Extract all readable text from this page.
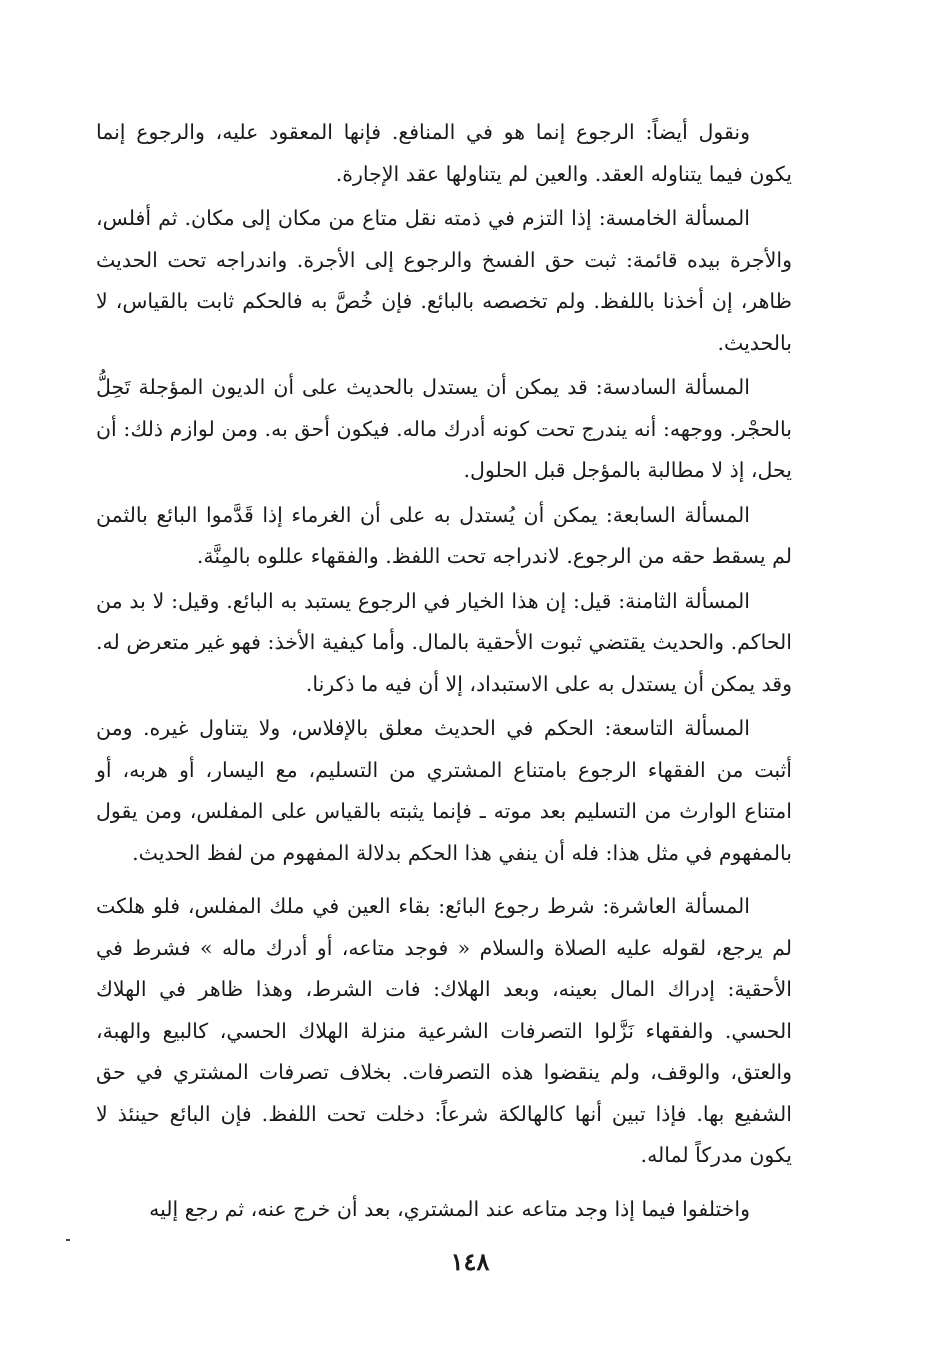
ونقول أيضاً: الرجوع إنما هو في المنافع. فإنها المعقود عليه، والرجوع إنما يكون فيما يتناوله العقد. والعين لم يتناولها عقد الإجارة.

المسألة الخامسة: إذا التزم في ذمته نقل متاع من مكان إلى مكان. ثم أفلس، والأجرة بيده قائمة: ثبت حق الفسخ والرجوع إلى الأجرة. واندراجه تحت الحديث ظاهر، إن أخذنا باللفظ. ولم تخصصه بالبائع. فإن خُصَّ به فالحكم ثابت بالقياس، لا بالحديث.

المسألة السادسة: قد يمكن أن يستدل بالحديث على أن الديون المؤجلة تَحِلُّ بالحجْر. ووجهه: أنه يندرج تحت كونه أدرك ماله. فيكون أحق به. ومن لوازم ذلك: أن يحل، إذ لا مطالبة بالمؤجل قبل الحلول.

المسألة السابعة: يمكن أن يُستدل به على أن الغرماء إذا قَدَّموا البائع بالثمن لم يسقط حقه من الرجوع. لاندراجه تحت اللفظ. والفقهاء عللوه بالمِنَّة.

المسألة الثامنة: قيل: إن هذا الخيار في الرجوع يستبد به البائع. وقيل: لا بد من الحاكم. والحديث يقتضي ثبوت الأحقية بالمال. وأما كيفية الأخذ: فهو غير متعرض له. وقد يمكن أن يستدل به على الاستبداد، إلا أن فيه ما ذكرنا.

المسألة التاسعة: الحكم في الحديث معلق بالإفلاس، ولا يتناول غيره. ومن أثبت من الفقهاء الرجوع بامتناع المشتري من التسليم، مع اليسار، أو هربه، أو امتناع الوارث من التسليم بعد موته ـ فإنما يثبته بالقياس على المفلس، ومن يقول بالمفهوم في مثل هذا: فله أن ينفي هذا الحكم بدلالة المفهوم من لفظ الحديث.

المسألة العاشرة: شرط رجوع البائع: بقاء العين في ملك المفلس، فلو هلكت لم يرجع، لقوله عليه الصلاة والسلام « فوجد متاعه، أو أدرك ماله » فشرط في الأحقية: إدراك المال بعينه، وبعد الهلاك: فات الشرط، وهذا ظاهر في الهلاك الحسي. والفقهاء نَزَّلوا التصرفات الشرعية منزلة الهلاك الحسي، كالبيع والهبة، والعتق، والوقف، ولم ينقضوا هذه التصرفات. بخلاف تصرفات المشتري في حق الشفيع بها. فإذا تبين أنها كالهالكة شرعاً: دخلت تحت اللفظ. فإن البائع حينئذ لا يكون مدركاً لماله.

واختلفوا فيما إذا وجد متاعه عند المشتري، بعد أن خرج عنه، ثم رجع إليه

١٤٨
